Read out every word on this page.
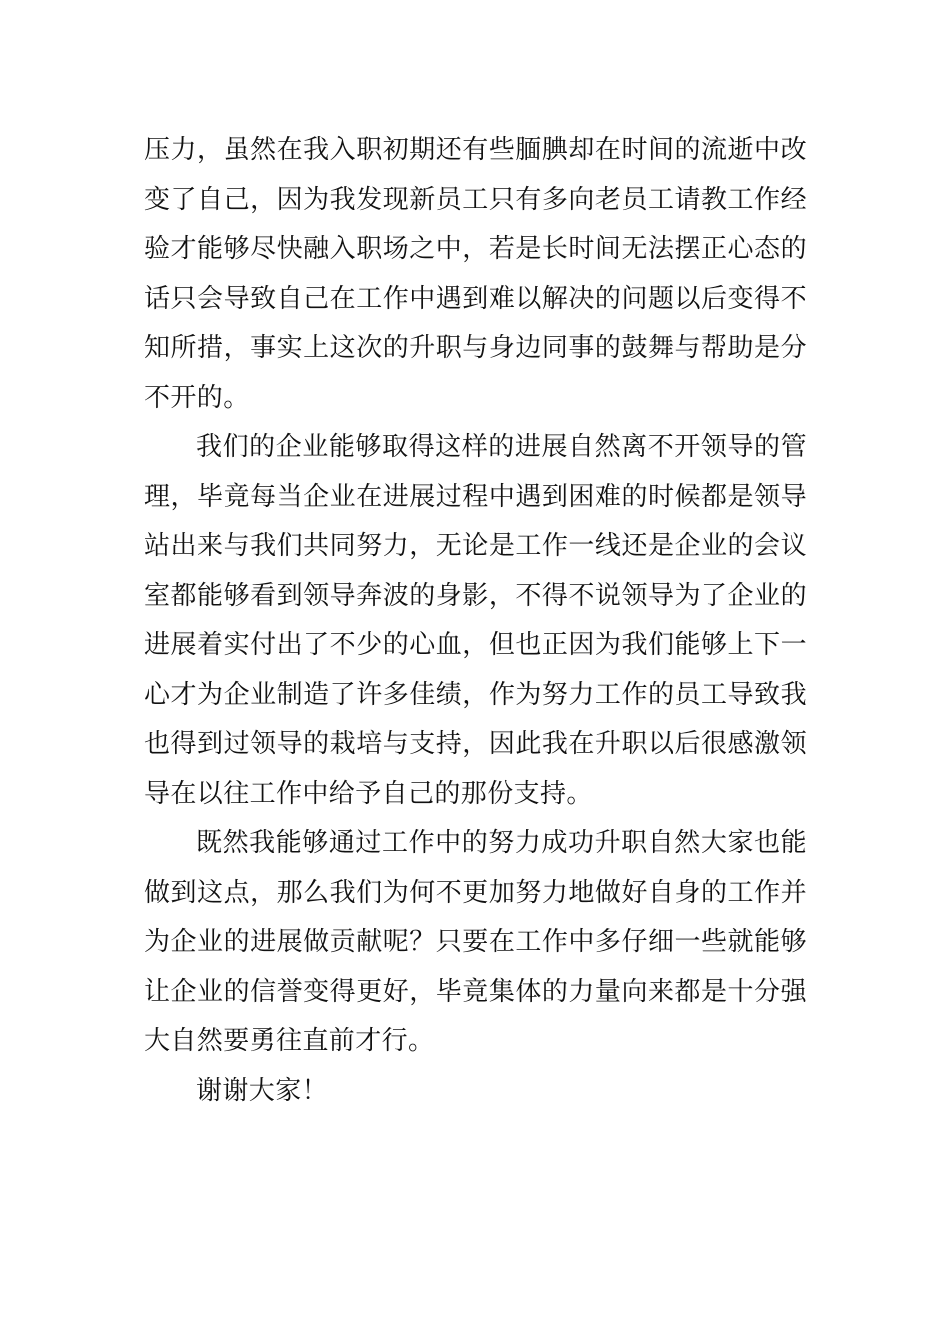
压力，虽然在我入职初期还有些腼腆却在时间的流逝中改变了自己，因为我发现新员工只有多向老员工请教工作经验才能够尽快融入职场之中，若是长时间无法摆正心态的话只会导致自己在工作中遇到难以解决的问题以后变得不知所措，事实上这次的升职与身边同事的鼓舞与帮助是分不开的。

我们的企业能够取得这样的进展自然离不开领导的管理，毕竟每当企业在进展过程中遇到困难的时候都是领导站出来与我们共同努力，无论是工作一线还是企业的会议室都能够看到领导奔波的身影，不得不说领导为了企业的进展着实付出了不少的心血，但也正因为我们能够上下一心才为企业制造了许多佳绩，作为努力工作的员工导致我也得到过领导的栽培与支持，因此我在升职以后很感激领导在以往工作中给予自己的那份支持。

既然我能够通过工作中的努力成功升职自然大家也能做到这点，那么我们为何不更加努力地做好自身的工作并为企业的进展做贡献呢？只要在工作中多仔细一些就能够让企业的信誉变得更好，毕竟集体的力量向来都是十分强大自然要勇往直前才行。

谢谢大家！
